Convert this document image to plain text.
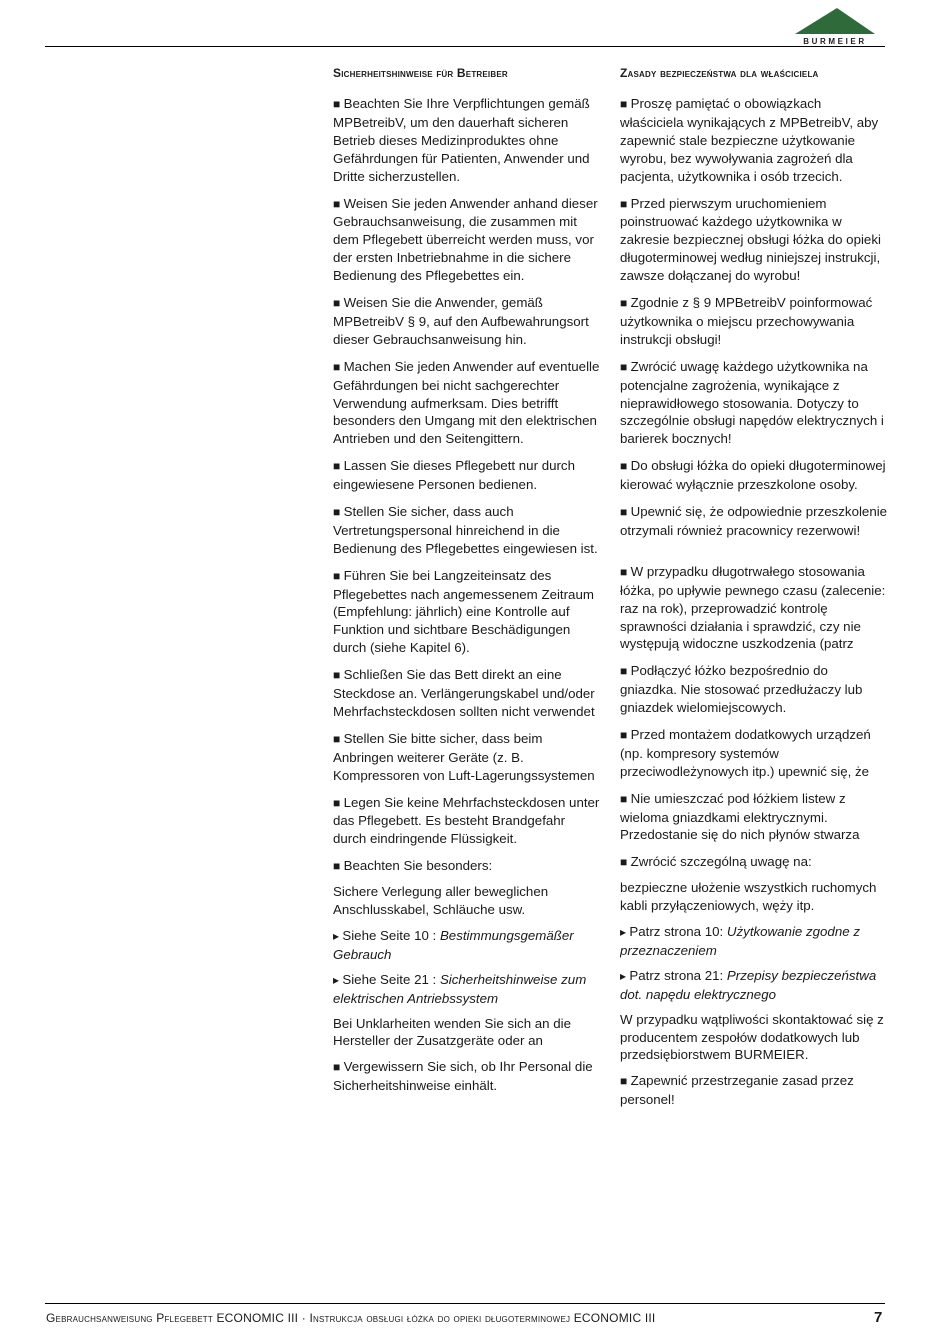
BURMEIER
Sicherheitshinweise für Betreiber

■ Beachten Sie Ihre Verpflichtungen gemäß MPBetreibV, um den dauerhaft sicheren Betrieb dieses Medizinproduktes ohne Gefährdungen für Patienten, Anwender und Dritte sicherzustellen.

■ Weisen Sie jeden Anwender anhand dieser Gebrauchsanweisung, die zusammen mit dem Pflegebett überreicht werden muss, vor der ersten Inbetriebnahme in die sichere Bedienung des Pflegebettes ein.

■ Weisen Sie die Anwender, gemäß MPBetreibV § 9, auf den Aufbewahrungsort dieser Gebrauchsanweisung hin.

■ Machen Sie jeden Anwender auf eventuelle Gefährdungen bei nicht sachgerechter Verwendung aufmerksam. Dies betrifft besonders den Umgang mit den elektrischen Antrieben und den Seitengittern.

■ Lassen Sie dieses Pflegebett nur durch eingewiesene Personen bedienen.

■ Stellen Sie sicher, dass auch Vertretungspersonal hinreichend in die Bedienung des Pflegebettes eingewiesen ist.

■ Führen Sie bei Langzeiteinsatz des Pflegebettes nach angemessenem Zeitraum (Empfehlung: jährlich) eine Kontrolle auf Funktion und sichtbare Beschädigungen durch (siehe Kapitel 6).

■ Schließen Sie das Bett direkt an eine Steckdose an. Verlängerungskabel und/oder Mehrfachsteckdosen sollten nicht verwendet

■ Stellen Sie bitte sicher, dass beim Anbringen weiterer Geräte (z. B. Kompressoren von Luft-Lagerungssystemen

■ Legen Sie keine Mehrfachsteckdosen unter das Pflegebett. Es besteht Brandgefahr durch eindringende Flüssigkeit.

■ Beachten Sie besonders:

Sichere Verlegung aller beweglichen Anschlusskabel, Schläuche usw.

▸ Siehe Seite 10 : Bestimmungsgemäßer Gebrauch

▸ Siehe Seite 21 : Sicherheitshinweise zum elektrischen Antriebssystem

Bei Unklarheiten wenden Sie sich an die Hersteller der Zusatzgeräte oder an

■ Vergewissern Sie sich, ob Ihr Personal die Sicherheitshinweise einhält.

Zasady bezpieczeństwa dla właściciela

■ Proszę pamiętać o obowiązkach właściciela wynikających z MPBetreibV, aby zapewnić stale bezpieczne użytkowanie wyrobu, bez wywoływania zagrożeń dla pacjenta, użytkownika i osób trzecich.

■ Przed pierwszym uruchomieniem poinstruować każdego użytkownika w zakresie bezpiecznej obsługi łóżka do opieki długoterminowej według niniejszej instrukcji, zawsze dołączanej do wyrobu!

■ Zgodnie z § 9 MPBetreibV poinformować użytkownika o miejscu przechowywania instrukcji obsługi!

■ Zwrócić uwagę każdego użytkownika na potencjalne zagrożenia, wynikające z nieprawidłowego stosowania. Dotyczy to szczególnie obsługi napędów elektrycznych i barierek bocznych!

■ Do obsługi łóżka do opieki długoterminowej kierować wyłącznie przeszkolone osoby.

■ Upewnić się, że odpowiednie przeszkolenie otrzymali również pracownicy rezerwowi!

■ W przypadku długotrwałego stosowania łóżka, po upływie pewnego czasu (zalecenie: raz na rok), przeprowadzić kontrolę sprawności działania i sprawdzić, czy nie występują widoczne uszkodzenia (patrz

■ Podłączyć łóżko bezpośrednio do gniazdka. Nie stosować przedłużaczy lub gniazdek wielomiejscowych.

■ Przed montażem dodatkowych urządzeń (np. kompresory systemów przeciwodleżynowych itp.) upewnić się, że

■ Nie umieszczać pod łóżkiem listew z wieloma gniazdkami elektrycznymi. Przedostanie się do nich płynów stwarza

■ Zwrócić szczególną uwagę na:

bezpieczne ułożenie wszystkich ruchomych kabli przyłączeniowych, węży itp.

▸ Patrz strona 10: Użytkowanie zgodne z przeznaczeniem

▸ Patrz strona 21: Przepisy bezpieczeństwa dot. napędu elektrycznego

W przypadku wątpliwości skontaktować się z producentem zespołów dodatkowych lub przedsiębiorstwem BURMEIER.

■ Zapewnić przestrzeganie zasad przez personel!

Gebrauchsanweisung Pflegebett ECONOMIC III · Instrukcja obsługi łóżka do opieki długoterminowej ECONOMIC III	7
